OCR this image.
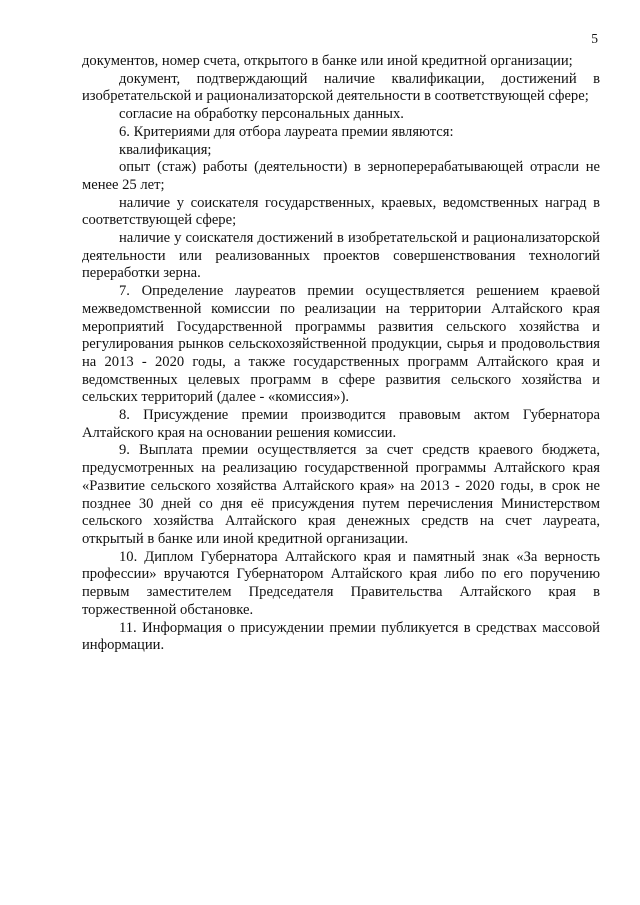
5

документов, номер счета, открытого в банке или иной кредитной организации;

документ, подтверждающий наличие квалификации, достижений в изобретательской и рационализаторской деятельности в соответствующей сфере;

согласие на обработку персональных данных.

6. Критериями для отбора лауреата премии являются:

квалификация;

опыт (стаж) работы (деятельности) в зерноперерабатывающей отрасли не менее 25 лет;

наличие у соискателя государственных, краевых, ведомственных наград в соответствующей сфере;

наличие у соискателя достижений в изобретательской и рационализаторской деятельности или реализованных проектов совершенствования технологий переработки зерна.

7. Определение лауреатов премии осуществляется решением краевой межведомственной комиссии по реализации на территории Алтайского края мероприятий Государственной программы развития сельского хозяйства и регулирования рынков сельскохозяйственной продукции, сырья и продовольствия на 2013 - 2020 годы, а также государственных программ Алтайского края и ведомственных целевых программ в сфере развития сельского хозяйства и сельских территорий (далее - «комиссия»).

8. Присуждение премии производится правовым актом Губернатора Алтайского края на основании решения комиссии.

9. Выплата премии осуществляется за счет средств краевого бюджета, предусмотренных на реализацию государственной программы Алтайского края «Развитие сельского хозяйства Алтайского края» на 2013 - 2020 годы, в срок не позднее 30 дней со дня её присуждения путем перечисления Министерством сельского хозяйства Алтайского края денежных средств на счет лауреата, открытый в банке или иной кредитной организации.

10. Диплом Губернатора Алтайского края и памятный знак «За верность профессии» вручаются Губернатором Алтайского края либо по его поручению первым заместителем Председателя Правительства Алтайского края в торжественной обстановке.

11. Информация о присуждении премии публикуется в средствах массовой информации.
